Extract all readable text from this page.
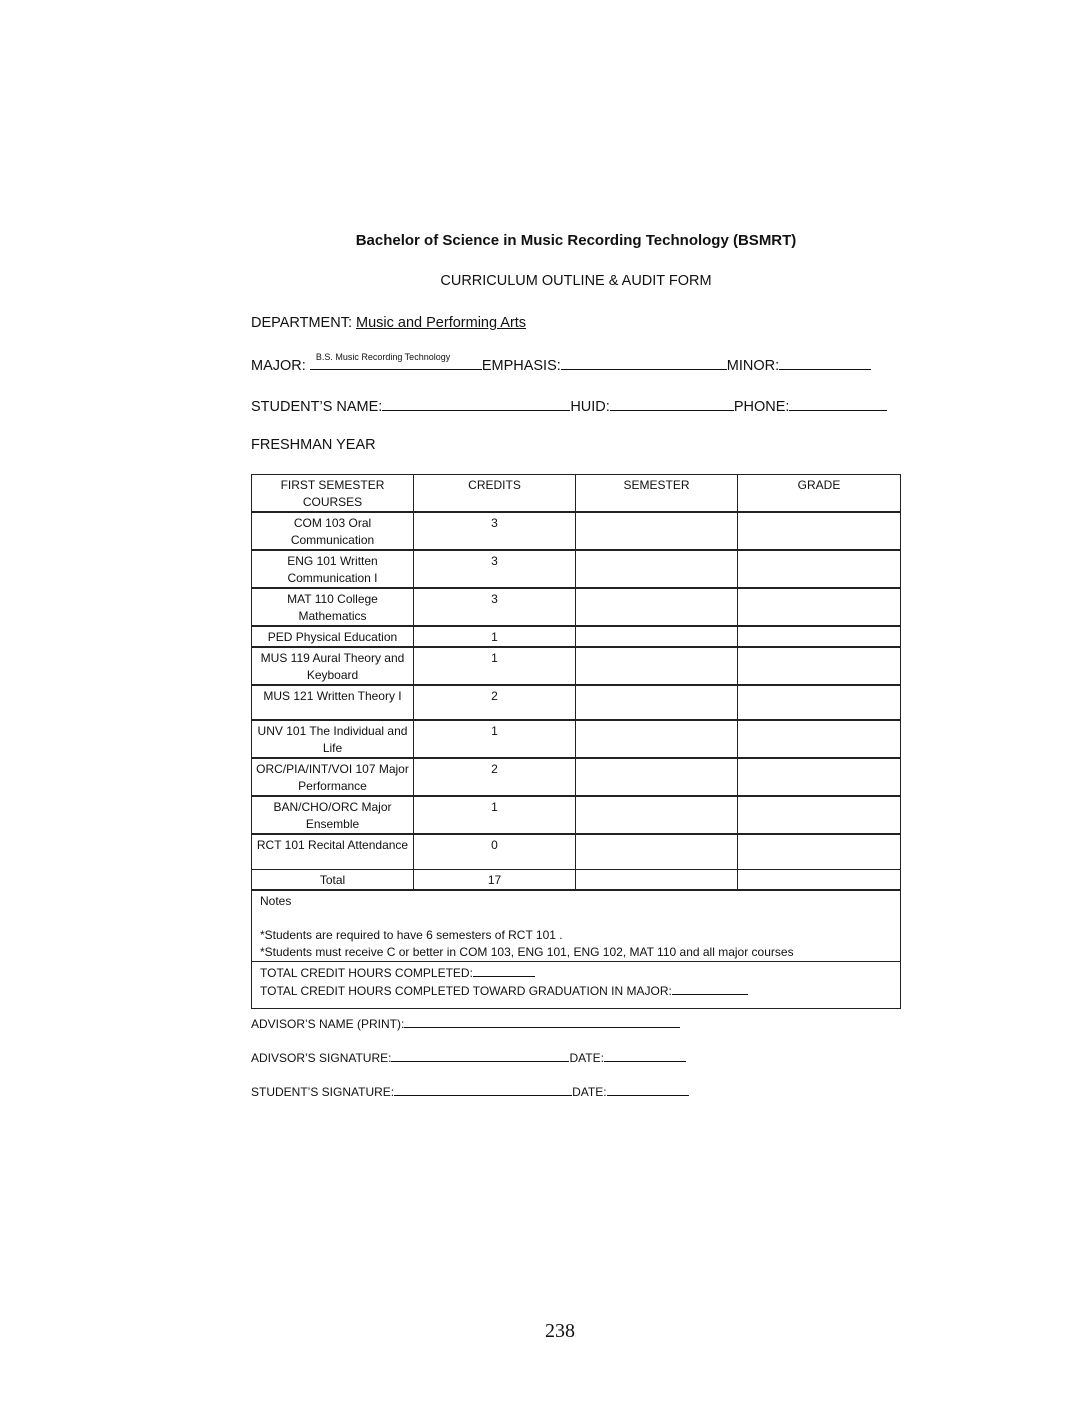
Bachelor of Science in Music Recording Technology (BSMRT)
CURRICULUM OUTLINE & AUDIT FORM
DEPARTMENT: Music and Performing Arts
MAJOR:
B.S. Music Recording Technology
EMPHASIS:	MINOR:
STUDENT’S NAME:	HUID:	PHONE:
FRESHMAN YEAR
FIRST SEMESTER COURSES	CREDITS	SEMESTER	GRADE
COM 103 Oral Communication	3		
ENG 101 Written Communication I	3		
MAT 110 College Mathematics	3		
PED Physical Education	1		
MUS 119 Aural Theory and Keyboard	1		
MUS 121 Written Theory I	2		
UNV 101 The Individual and Life	1		
ORC/PIA/INT/VOI 107 Major Performance	2		
BAN/CHO/ORC Major Ensemble	1		
RCT 101 Recital Attendance	0		
Total	17		

Notes
*Students are required to have 6 semesters of RCT 101 .
*Students must receive C or better in COM 103, ENG 101, ENG 102, MAT 110 and all major courses			

TOTAL CREDIT HOURS COMPLETED:
TOTAL CREDIT HOURS COMPLETED TOWARD GRADUATION IN MAJOR:			
ADVISOR’S NAME (PRINT):
ADIVSOR’S SIGNATURE:	DATE:
STUDENT’S SIGNATURE:	DATE:
238
